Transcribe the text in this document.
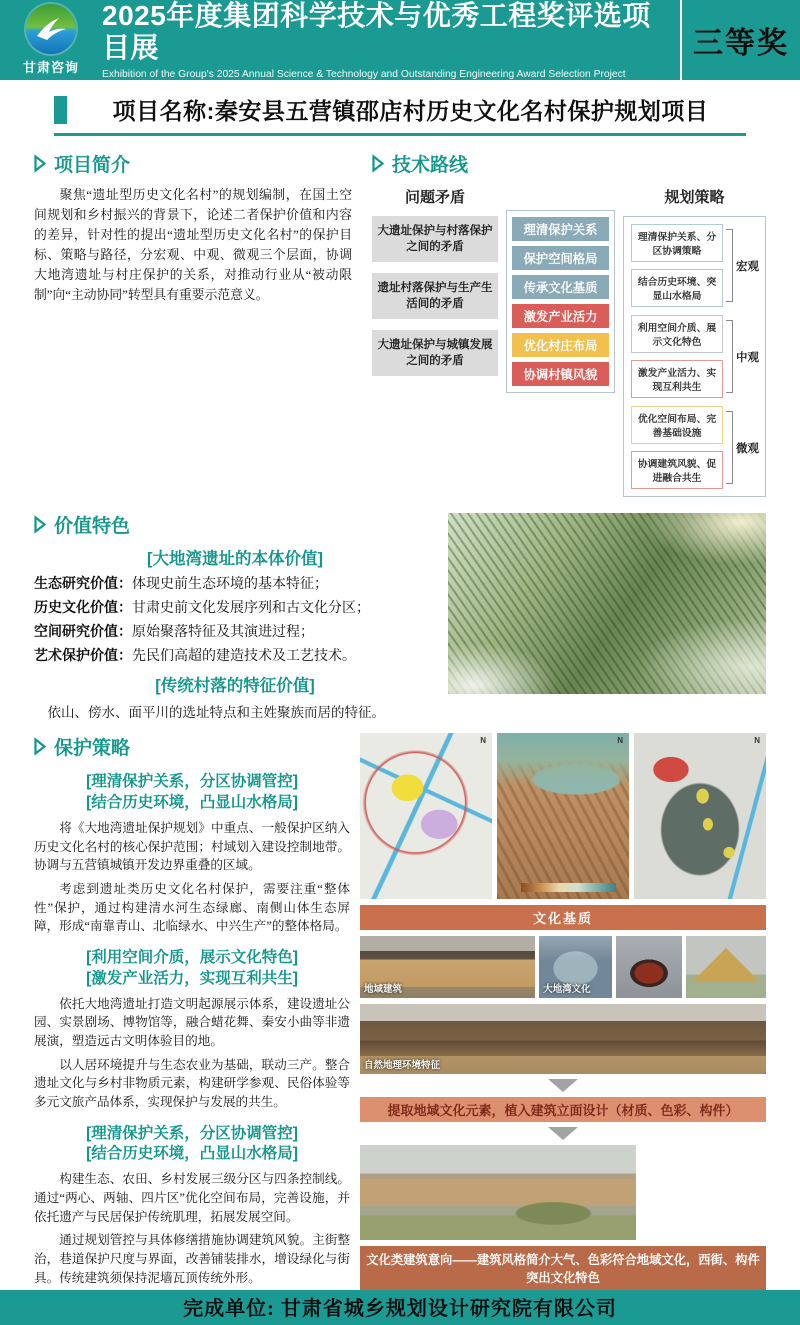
甘肃咨询
2025年度集团科学技术与优秀工程奖评选项目展
Exhibition of the Group's 2025 Annual Science & Technology and Outstanding Engineering Award Selection Project
三等奖
项目名称:秦安县五营镇邵店村历史文化名村保护规划项目
项目简介
聚焦“遗址型历史文化名村”的规划编制，在国土空间规划和乡村振兴的背景下，论述二者保护价值和内容的差异，针对性的提出“遗址型历史文化名村”的保护目标、策略与路径，分宏观、中观、微观三个层面，协调大地湾遗址与村庄保护的关系，对推动行业从“被动限制”向“主动协同”转型具有重要示范意义。
技术路线
问题矛盾
大遗址保护与村落保护之间的矛盾
遗址村落保护与生产生活间的矛盾
大遗址保护与城镇发展之间的矛盾
理清保护关系
保护空间格局
传承文化基质
激发产业活力
优化村庄布局
协调村镇风貌
规划策略
理清保护关系、分区协调策略
结合历史环境、突显山水格局
宏观
利用空间介质、展示文化特色
激发产业活力、实现互利共生
中观
优化空间布局、完善基础设施
协调建筑风貌、促进融合共生
微观
价值特色
[大地湾遗址的本体价值]
生态研究价值：体现史前生态环境的基本特征；
历史文化价值：甘肃史前文化发展序列和古文化分区；
空间研究价值：原始聚落特征及其演进过程；
艺术保护价值：先民们高超的建造技术及工艺技术。
[传统村落的特征价值]
依山、傍水、面平川的选址特点和主姓聚族而居的特征。
保护策略
[理清保护关系，分区协调管控]
[结合历史环境，凸显山水格局]

将《大地湾遗址保护规划》中重点、一般保护区纳入历史文化名村的核心保护范围；村域划入建设控制地带。协调与五营镇城镇开发边界重叠的区域。

考虑到遗址类历史文化名村保护，需要注重“整体性”保护，通过构建清水河生态绿廊、南侧山体生态屏障，形成“南靠青山、北临绿水、中兴生产”的整体格局。

[利用空间介质，展示文化特色]
[激发产业活力，实现互利共生]

依托大地湾遗址打造文明起源展示体系，建设遗址公园、实景剧场、博物馆等，融合蜡花舞、秦安小曲等非遗展演，塑造远古文明体验目的地。

以人居环境提升与生态农业为基础，联动三产。整合遗址文化与乡村非物质元素，构建研学参观、民俗体验等多元文旅产品体系，实现保护与发展的共生。

[理清保护关系，分区协调管控]
[结合历史环境，凸显山水格局]

构建生态、农田、乡村发展三级分区与四条控制线。通过“两心、两轴、四片区”优化空间布局，完善设施，并依托遗产与民居保护传统肌理，拓展发展空间。

通过规划管控与具体修缮措施协调建筑风貌。主街整治，巷道保护尺度与界面，改善铺装排水，增设绿化与街具。传统建筑须保持泥墙瓦顶传统外形。

N	N	N
文化基质
地域建筑	大地湾文化
自然地理环境特征
提取地域文化元素，植入建筑立面设计（材质、色彩、构件）
文化类建筑意向——建筑风格简介大气、色彩符合地域文化，西街、构件突出文化特色
完成单位: 甘肃省城乡规划设计研究院有限公司
